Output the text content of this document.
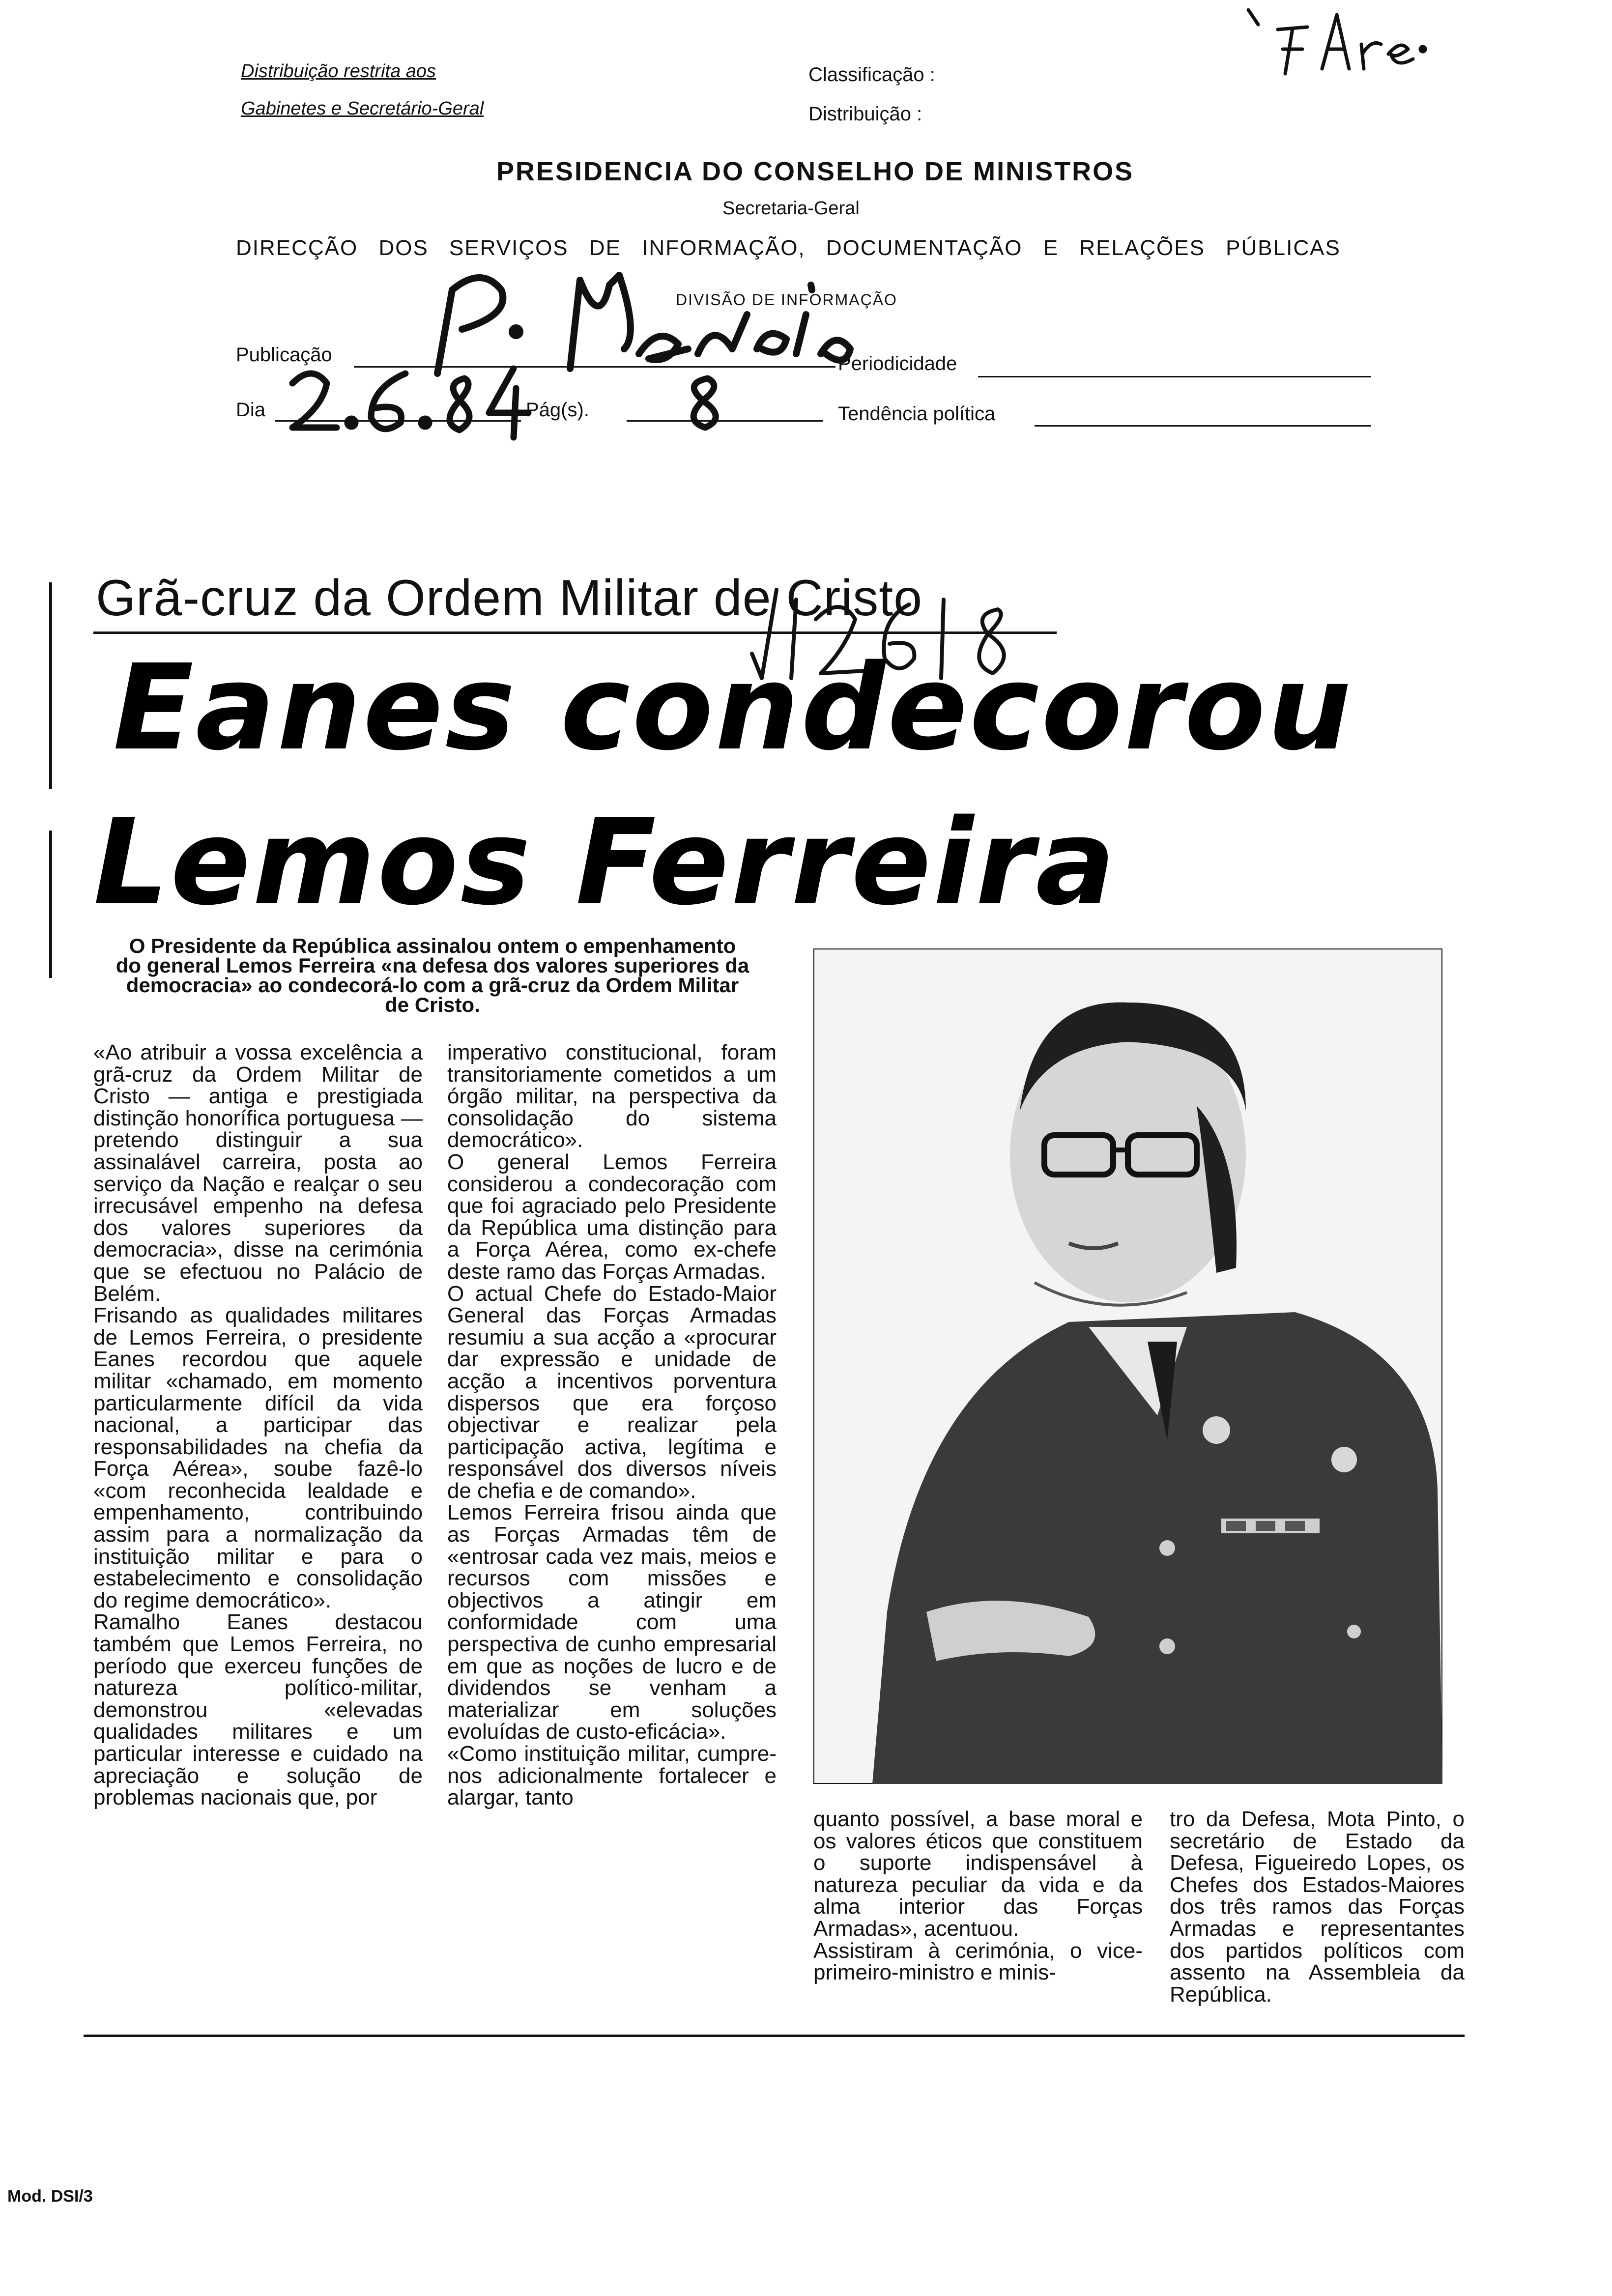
Distribuição restrita aos
Gabinetes e Secretário-Geral
Classificação :
Distribuição :
PRESIDENCIA DO CONSELHO DE MINISTROS
Secretaria-Geral
DIRECÇÃO DOS SERVIÇOS DE INFORMAÇÃO, DOCUMENTAÇÃO E RELAÇÕES PÚBLICAS
DIVISÃO DE INFORMAÇÃO
Publicação	Periodicidade
Dia	Pág(s).	Tendência política
Grã-cruz da Ordem Militar de Cristo
Eanes condecorou
Lemos Ferreira
O Presidente da República assinalou ontem o empenhamento do general Lemos Ferreira «na defesa dos valores superiores da democracia» ao condecorá-lo com a grã-cruz da Ordem Militar de Cristo.
«Ao atribuir a vossa excelência a grã-cruz da Ordem Militar de Cristo — antiga e prestigiada distinção honorífica portuguesa — pretendo distinguir a sua assinalável carreira, posta ao serviço da Nação e realçar o seu irrecusável empenho na defesa dos valores superiores da democracia», disse na cerimónia que se efectuou no Palácio de Belém.
Frisando as qualidades militares de Lemos Ferreira, o presidente Eanes recordou que aquele militar «chamado, em momento particularmente difícil da vida nacional, a participar das responsabilidades na chefia da Força Aérea», soube fazê-lo «com reconhecida lealdade e empenhamento, contribuindo assim para a normalização da instituição militar e para o estabelecimento e consolidação do regime democrático».
Ramalho Eanes destacou também que Lemos Ferreira, no período que exerceu funções de natureza político-militar, demonstrou «elevadas qualidades militares e um particular interesse e cuidado na apreciação e solução de problemas nacionais que, por
imperativo constitucional, foram transitoriamente cometidos a um órgão militar, na perspectiva da consolidação do sistema democrático».
O general Lemos Ferreira considerou a condecoração com que foi agraciado pelo Presidente da República uma distinção para a Força Aérea, como ex-chefe deste ramo das Forças Armadas.
O actual Chefe do Estado-Maior General das Forças Armadas resumiu a sua acção a «procurar dar expressão e unidade de acção a incentivos porventura dispersos que era forçoso objectivar e realizar pela participação activa, legítima e responsável dos diversos níveis de chefia e de comando».
Lemos Ferreira frisou ainda que as Forças Armadas têm de «entrosar cada vez mais, meios e recursos com missões e objectivos a atingir em conformidade com uma perspectiva de cunho empresarial em que as noções de lucro e de dividendos se venham a materializar em soluções evoluídas de custo-eficácia».
«Como instituição militar, cumpre-nos adicionalmente fortalecer e alargar, tanto
quanto possível, a base moral e os valores éticos que constituem o suporte indispensável à natureza peculiar da vida e da alma interior das Forças Armadas», acentuou.
Assistiram à cerimónia, o vice-primeiro-ministro e minis-
tro da Defesa, Mota Pinto, o secretário de Estado da Defesa, Figueiredo Lopes, os Chefes dos Estados-Maiores dos três ramos das Forças Armadas e representantes dos partidos políticos com assento na Assembleia da República.
Mod. DSI/3
